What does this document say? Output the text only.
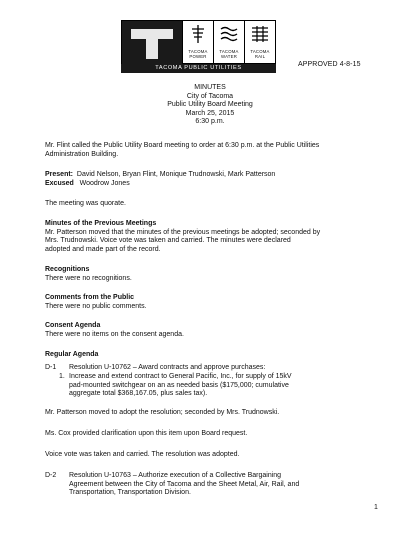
TACOMA
POWER
TACOMA
WATER
TACOMA
RAIL
TACOMA PUBLIC UTILITIES	APPROVED 4-8-15
MINUTES
City of Tacoma
Public Utility Board Meeting
March 25, 2015
6:30 p.m.
Mr. Flint called the Public Utility Board meeting to order at 6:30 p.m. at the Public Utilities
Administration Building.
Present: David Nelson, Bryan Flint, Monique Trudnowski, Mark Patterson
Excused Woodrow Jones
The meeting was quorate.
Minutes of the Previous Meetings
Mr. Patterson moved that the minutes of the previous meetings be adopted; seconded by
Mrs. Trudnowski. Voice vote was taken and carried. The minutes were declared
adopted and made part of the record.
Recognitions
There were no recognitions.
Comments from the Public
There were no public comments.
Consent Agenda
There were no items on the consent agenda.
Regular Agenda
D-1 Resolution U-10762 – Award contracts and approve purchases:
1. Increase and extend contract to General Pacific, Inc., for supply of 15kV
pad-mounted switchgear on an as needed basis ($175,000; cumulative
aggregate total $368,167.05, plus sales tax).
Mr. Patterson moved to adopt the resolution; seconded by Mrs. Trudnowski.
Ms. Cox provided clarification upon this item upon Board request.
Voice vote was taken and carried. The resolution was adopted.
D-2 Resolution U-10763 – Authorize execution of a Collective Bargaining
Agreement between the City of Tacoma and the Sheet Metal, Air, Rail, and
Transportation, Transportation Division.
1
